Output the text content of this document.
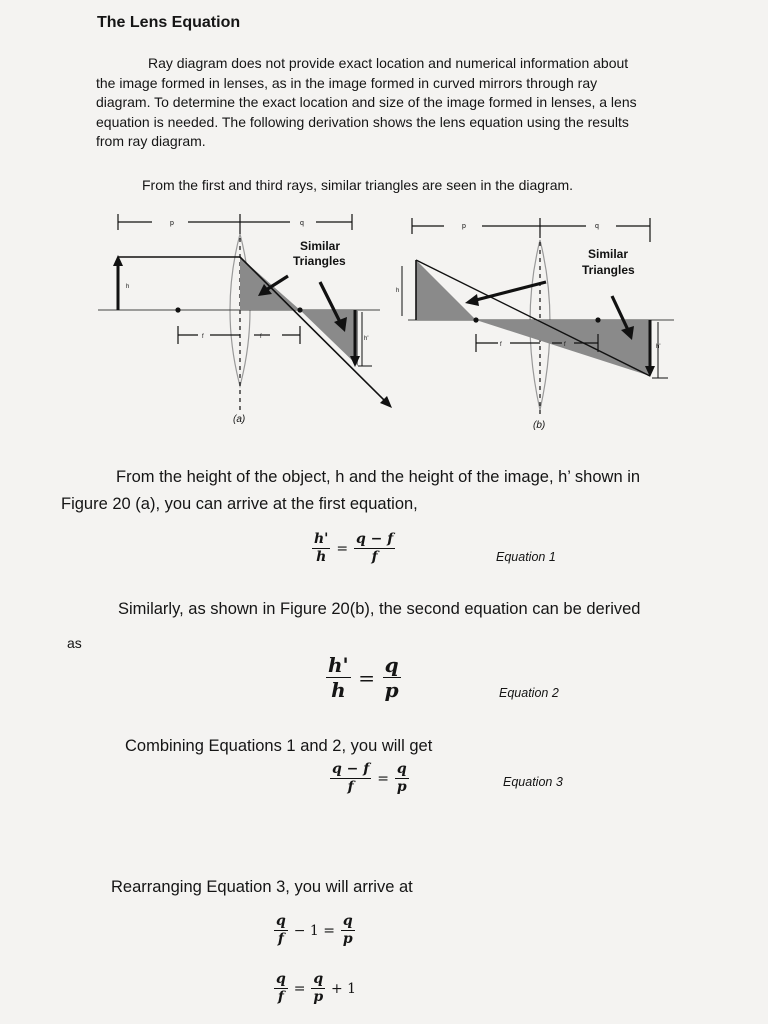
The Lens Equation
Ray diagram does not provide exact location and numerical information about the image formed in lenses, as in the image formed in curved mirrors through ray diagram. To determine the exact location and size of the image formed in lenses, a lens equation is needed. The following derivation shows the lens equation using the results from ray diagram.
From the first and third rays, similar triangles are seen in the diagram.
p	q
h
h'
f	f
Similar
Triangles
(a)
p	q
h
h'
f	f
Similar
Triangles
(b)
From the height of the object, h and the height of the image, h’ shown in
Figure 20 (a), you can arrive at the first equation,
$\frac{h'}{h} = \frac{q - f}{f}$	Equation 1
Similarly, as shown in Figure 20(b), the second equation can be derived
as
$\frac{h'}{h} = \frac{q}{p}$	Equation 2
Combining Equations 1 and 2, you will get
$\frac{q - f}{f} = \frac{q}{p}$	Equation 3
Rearranging Equation 3, you will arrive at
$\frac{q}{f} - 1 = \frac{q}{p}$
$\frac{q}{f} = \frac{q}{p} + 1$
